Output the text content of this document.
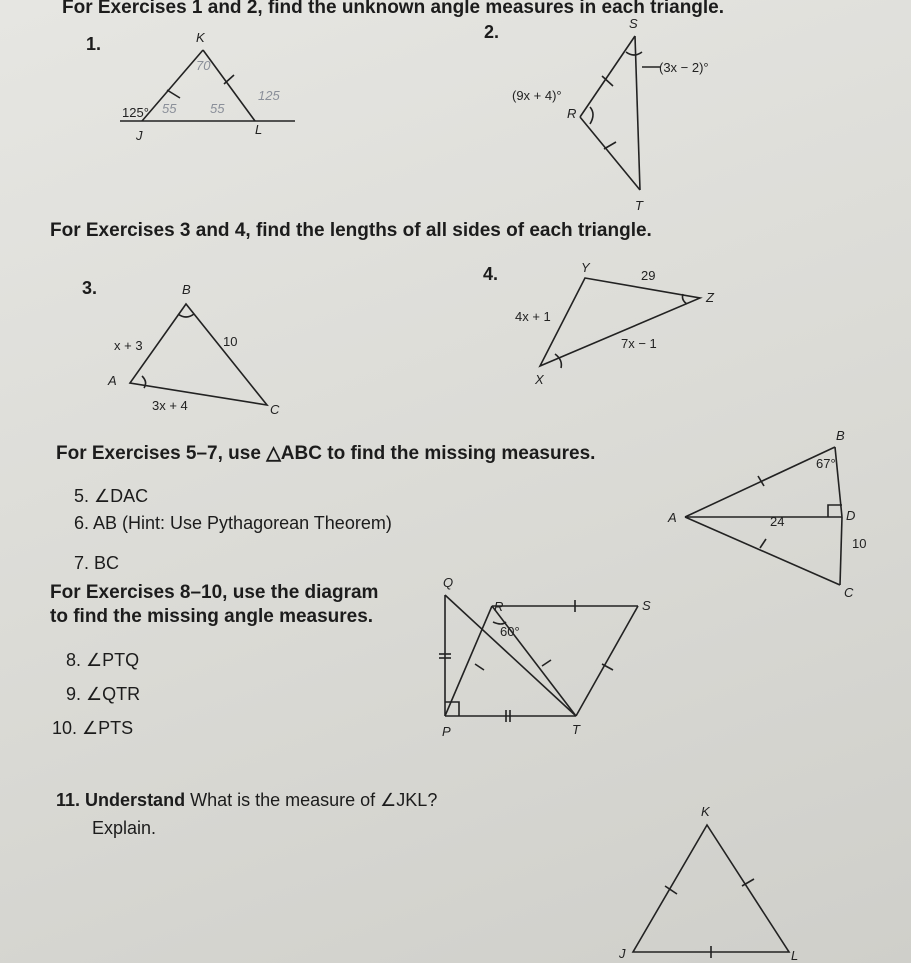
For Exercises 1 and 2, find the unknown angle measures in each triangle.
For Exercises 3 and 4, find the lengths of all sides of each triangle.
For Exercises 5–7, use △ABC to find the missing measures.
For Exercises 8–10, use the diagram
to find the missing angle measures.
1.
2.
3.
4.
K
125°
J	L
55	55
70
125
S
(3x − 2)°
(9x + 4)°
R
T
B
x + 3	10
A
3x + 4	C
Y
29
Z
4x + 1
7x − 1
X
5. ∠DAC
6. AB (Hint: Use Pythagorean Theorem)
7. BC
B
67°
A	24	D
10
C
8. ∠PTQ
9. ∠QTR
10. ∠PTS
Q
R
60°
S
P	T
11. Understand What is the measure of ∠JKL?
Explain.
K
J	L
